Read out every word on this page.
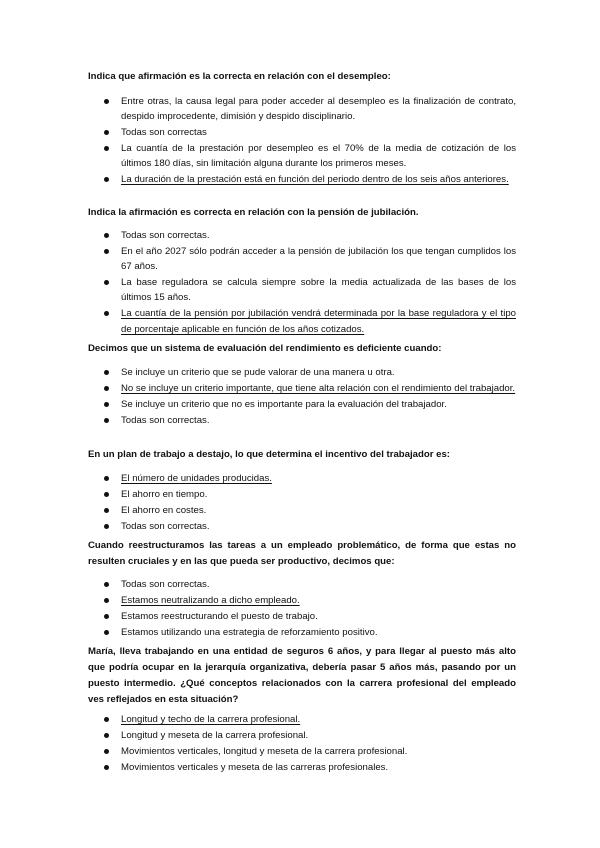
Indica que afirmación es la correcta en relación con el desempleo:

Entre otras, la causa legal para poder acceder al desempleo es la finalización de contrato, despido improcedente, dimisión y despido disciplinario.
Todas son correctas
La cuantía de la prestación por desempleo es el 70% de la media de cotización de los últimos 180 días, sin limitación alguna durante los primeros meses.
La duración de la prestación está en función del periodo dentro de los seis años anteriores.

Indica la afirmación es correcta en relación con la pensión de jubilación.

Todas son correctas.
En el año 2027 sólo podrán acceder a la pensión de jubilación los que tengan cumplidos los 67 años.
La base reguladora se calcula siempre sobre la media actualizada de las bases de los últimos 15 años.
La cuantía de la pensión por jubilación vendrá determinada por la base reguladora y el tipo de porcentaje aplicable en función de los años cotizados.

Decimos que un sistema de evaluación del rendimiento es deficiente cuando:

Se incluye un criterio que se pude valorar de una manera u otra.
No se incluye un criterio importante, que tiene alta relación con el rendimiento del trabajador.
Se incluye un criterio que no es importante para la evaluación del trabajador.
Todas son correctas.

En un plan de trabajo a destajo, lo que determina el incentivo del trabajador es:

El número de unidades producidas.
El ahorro en tiempo.
El ahorro en costes.
Todas son correctas.

Cuando reestructuramos las tareas a un empleado problemático, de forma que estas no resulten cruciales y en las que pueda ser productivo, decimos que:

Todas son correctas.
Estamos neutralizando a dicho empleado.
Estamos reestructurando el puesto de trabajo.
Estamos utilizando una estrategia de reforzamiento positivo.

María, lleva trabajando en una entidad de seguros 6 años, y para llegar al puesto más alto que podría ocupar en la jerarquía organizativa, debería pasar 5 años más, pasando por un puesto intermedio. ¿Qué conceptos relacionados con la carrera profesional del empleado ves reflejados en esta situación?

Longitud y techo de la carrera profesional.
Longitud y meseta de la carrera profesional.
Movimientos verticales, longitud y meseta de la carrera profesional.
Movimientos verticales y meseta de las carreras profesionales.
